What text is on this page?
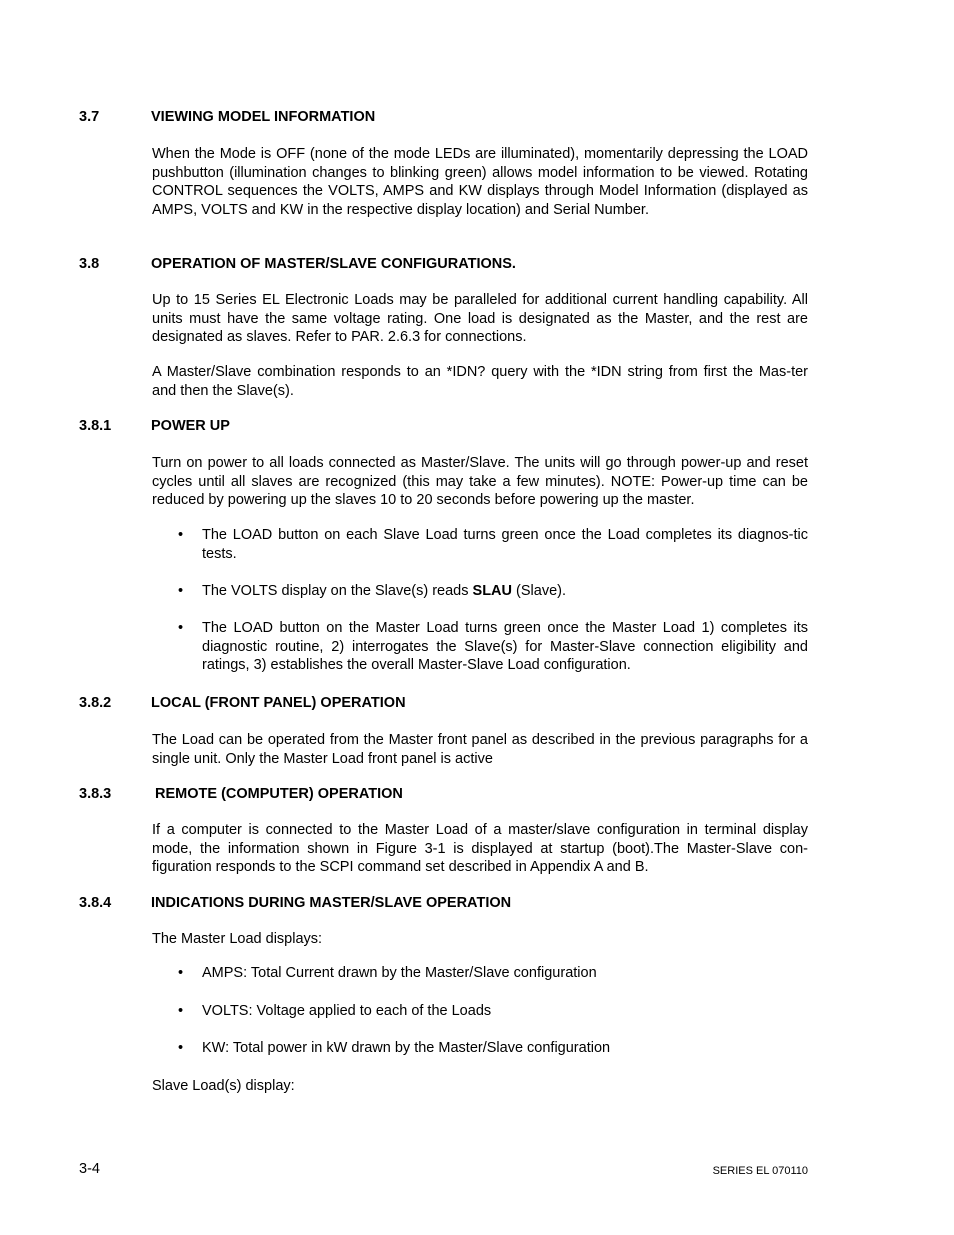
3.7	VIEWING MODEL INFORMATION
When the Mode is OFF (none of the mode LEDs are illuminated), momentarily depressing the LOAD pushbutton (illumination changes to blinking green) allows model information to be viewed. Rotating CONTROL sequences the VOLTS, AMPS and KW displays through Model Information (displayed as AMPS, VOLTS and KW in the respective display location) and Serial Number.
3.8	OPERATION OF MASTER/SLAVE CONFIGURATIONS.
Up to 15 Series EL Electronic Loads may be paralleled for additional current handling capability. All units must have the same voltage rating. One load is designated as the Master, and the rest are designated as slaves. Refer to PAR. 2.6.3 for connections.
A Master/Slave combination responds to an *IDN? query with the *IDN string from first the Mas-ter and then the Slave(s).
3.8.1	POWER UP
Turn on power to all loads connected as Master/Slave. The units will go through power-up and reset cycles until all slaves are recognized (this may take a few minutes). NOTE: Power-up time can be reduced by powering up the slaves 10 to 20 seconds before powering up the master.
• The LOAD button on each Slave Load turns green once the Load completes its diagnos-tic tests.
• The VOLTS display on the Slave(s) reads SLAU (Slave).
• The LOAD button on the Master Load turns green once the Master Load 1) completes its diagnostic routine, 2) interrogates the Slave(s) for Master-Slave connection eligibility and ratings, 3) establishes the overall Master-Slave Load configuration.
3.8.2	LOCAL (FRONT PANEL) OPERATION
The Load can be operated from the Master front panel as described in the previous paragraphs for a single unit. Only the Master Load front panel is active
3.8.3	REMOTE (COMPUTER) OPERATION
If a computer is connected to the Master Load of a master/slave configuration in terminal display mode, the information shown in Figure 3-1 is displayed at startup (boot).The Master-Slave con-figuration responds to the SCPI command set described in Appendix A and B.
3.8.4	INDICATIONS DURING MASTER/SLAVE OPERATION
The Master Load displays:
• AMPS: Total Current drawn by the Master/Slave configuration
• VOLTS: Voltage applied to each of the Loads
• KW: Total power in kW drawn by the Master/Slave configuration
Slave Load(s) display:
3-4	SERIES EL 070110
